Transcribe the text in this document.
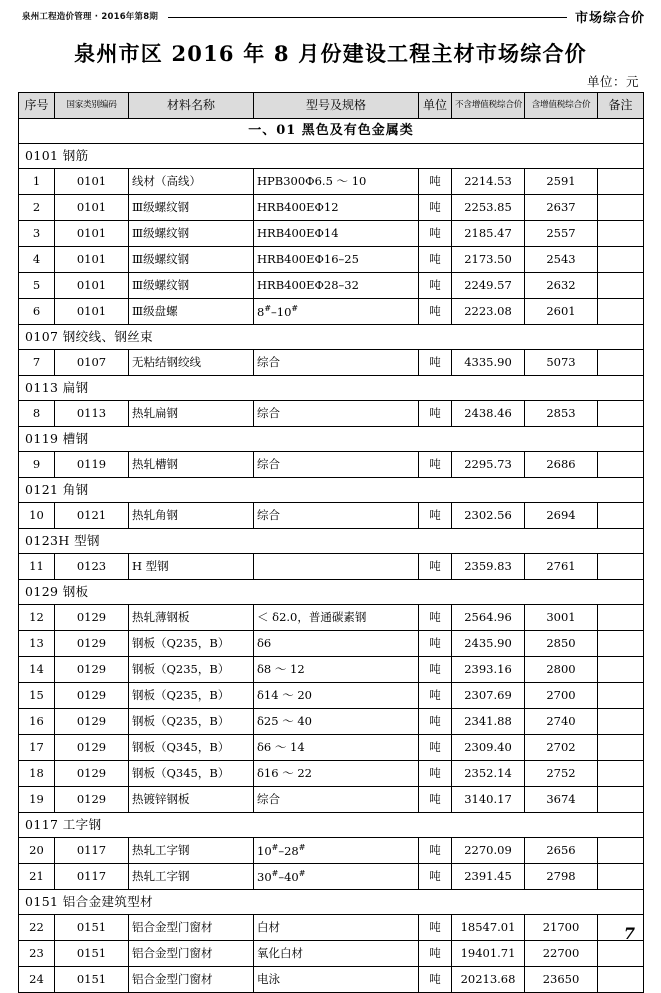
泉州工程造价管理 · 2016年第8期	市场综合价
泉州市区 2016 年 8 月份建设工程主材市场综合价
单位：元
序号	国家类别编码	材料名称	型号及规格	单位	不含增值税综合价	含增值税综合价	备注
一、01 黑色及有色金属类							
0101 钢筋							
1	0101	线材（高线）	HPB300Φ6.5 ～ 10	吨	2214.53	2591	
2	0101	Ⅲ级螺纹钢	HRB400EΦ12	吨	2253.85	2637	
3	0101	Ⅲ级螺纹钢	HRB400EΦ14	吨	2185.47	2557	
4	0101	Ⅲ级螺纹钢	HRB400EΦ16–25	吨	2173.50	2543	
5	0101	Ⅲ级螺纹钢	HRB400EΦ28–32	吨	2249.57	2632	
6	0101	Ⅲ级盘螺	8#–10#	吨	2223.08	2601	
0107 钢绞线、钢丝束							
7	0107	无粘结钢绞线	综合	吨	4335.90	5073	
0113 扁钢							
8	0113	热轧扁钢	综合	吨	2438.46	2853	
0119 槽钢							
9	0119	热轧槽钢	综合	吨	2295.73	2686	
0121 角钢							
10	0121	热轧角钢	综合	吨	2302.56	2694	
0123H 型钢							
11	0123	H 型钢		吨	2359.83	2761	
0129 钢板							
12	0129	热轧薄钢板	＜ δ2.0，普通碳素钢	吨	2564.96	3001	
13	0129	钢板（Q235，B）	δ6	吨	2435.90	2850	
14	0129	钢板（Q235，B）	δ8 ～ 12	吨	2393.16	2800	
15	0129	钢板（Q235，B）	δ14 ～ 20	吨	2307.69	2700	
16	0129	钢板（Q235，B）	δ25 ～ 40	吨	2341.88	2740	
17	0129	钢板（Q345，B）	δ6 ～ 14	吨	2309.40	2702	
18	0129	钢板（Q345，B）	δ16 ～ 22	吨	2352.14	2752	
19	0129	热镀锌钢板	综合	吨	3140.17	3674	
0117 工字钢							
20	0117	热轧工字钢	10#–28#	吨	2270.09	2656	
21	0117	热轧工字钢	30#–40#	吨	2391.45	2798	
0151 铝合金建筑型材							
22	0151	铝合金型门窗材	白材	吨	18547.01	21700	
23	0151	铝合金型门窗材	氧化白材	吨	19401.71	22700	
24	0151	铝合金型门窗材	电泳	吨	20213.68	23650	
7
